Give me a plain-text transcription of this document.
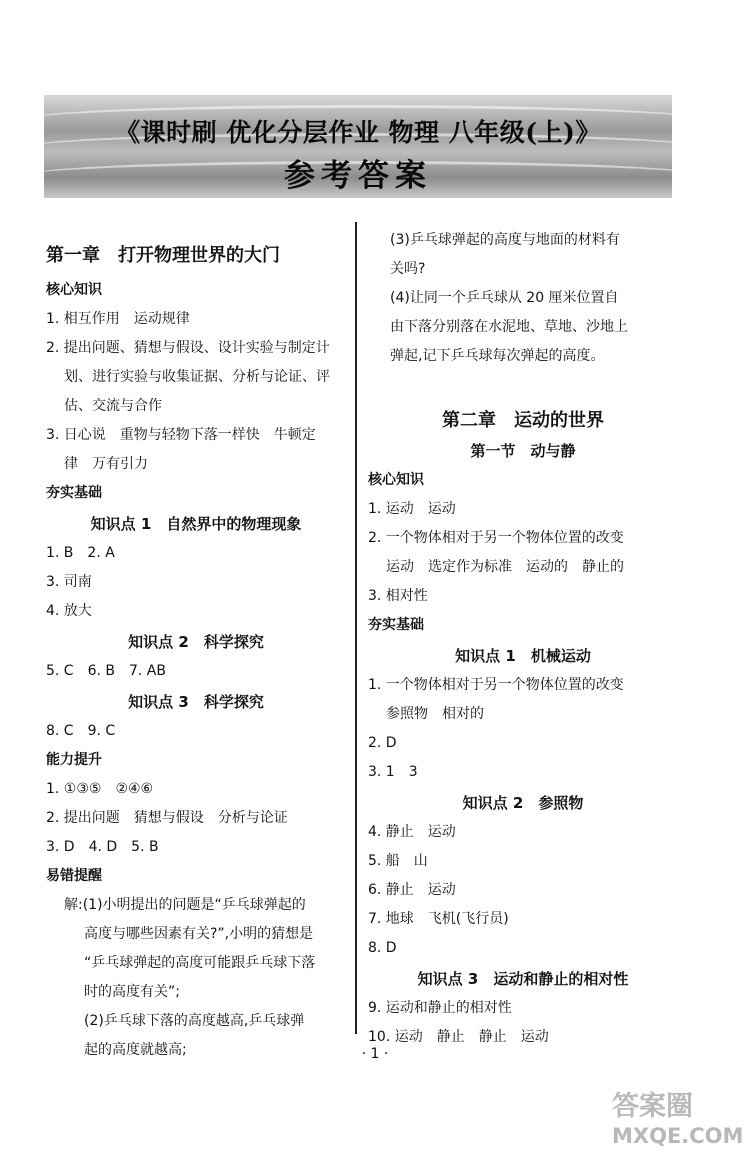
《课时刷 优化分层作业 物理 八年级(上)》
参考答案
第一章　打开物理世界的大门
核心知识
1. 相互作用　运动规律
2. 提出问题、猜想与假设、设计实验与制定计
划、进行实验与收集证据、分析与论证、评
估、交流与合作
3. 日心说　重物与轻物下落一样快　牛顿定
律　万有引力
夯实基础
知识点 1　自然界中的物理现象
1. B　2. A
3. 司南
4. 放大
知识点 2　科学探究
5. C　6. B　7. AB
知识点 3　科学探究
8. C　9. C
能力提升
1. ①③⑤　②④⑥
2. 提出问题　猜想与假设　分析与论证
3. D　4. D　5. B
易错提醒
解:(1)小明提出的问题是“乒乓球弹起的
高度与哪些因素有关?”,小明的猜想是
“乒乓球弹起的高度可能跟乒乓球下落
时的高度有关”;
(2)乒乓球下落的高度越高,乒乓球弹
起的高度就越高;
(3)乒乓球弹起的高度与地面的材料有
关吗?
(4)让同一个乒乓球从 20 厘米位置自
由下落分别落在水泥地、草地、沙地上
弹起,记下乒乓球每次弹起的高度。
第二章　运动的世界
第一节　动与静
核心知识
1. 运动　运动
2. 一个物体相对于另一个物体位置的改变
运动　选定作为标准　运动的　静止的
3. 相对性
夯实基础
知识点 1　机械运动
1. 一个物体相对于另一个物体位置的改变
参照物　相对的
2. D
3. 1　3
知识点 2　参照物
4. 静止　运动
5. 船　山
6. 静止　运动
7. 地球　飞机(飞行员)
8. D
知识点 3　运动和静止的相对性
9. 运动和静止的相对性
10. 运动　静止　静止　运动
· 1 ·
答案圈
MXQE.COM
